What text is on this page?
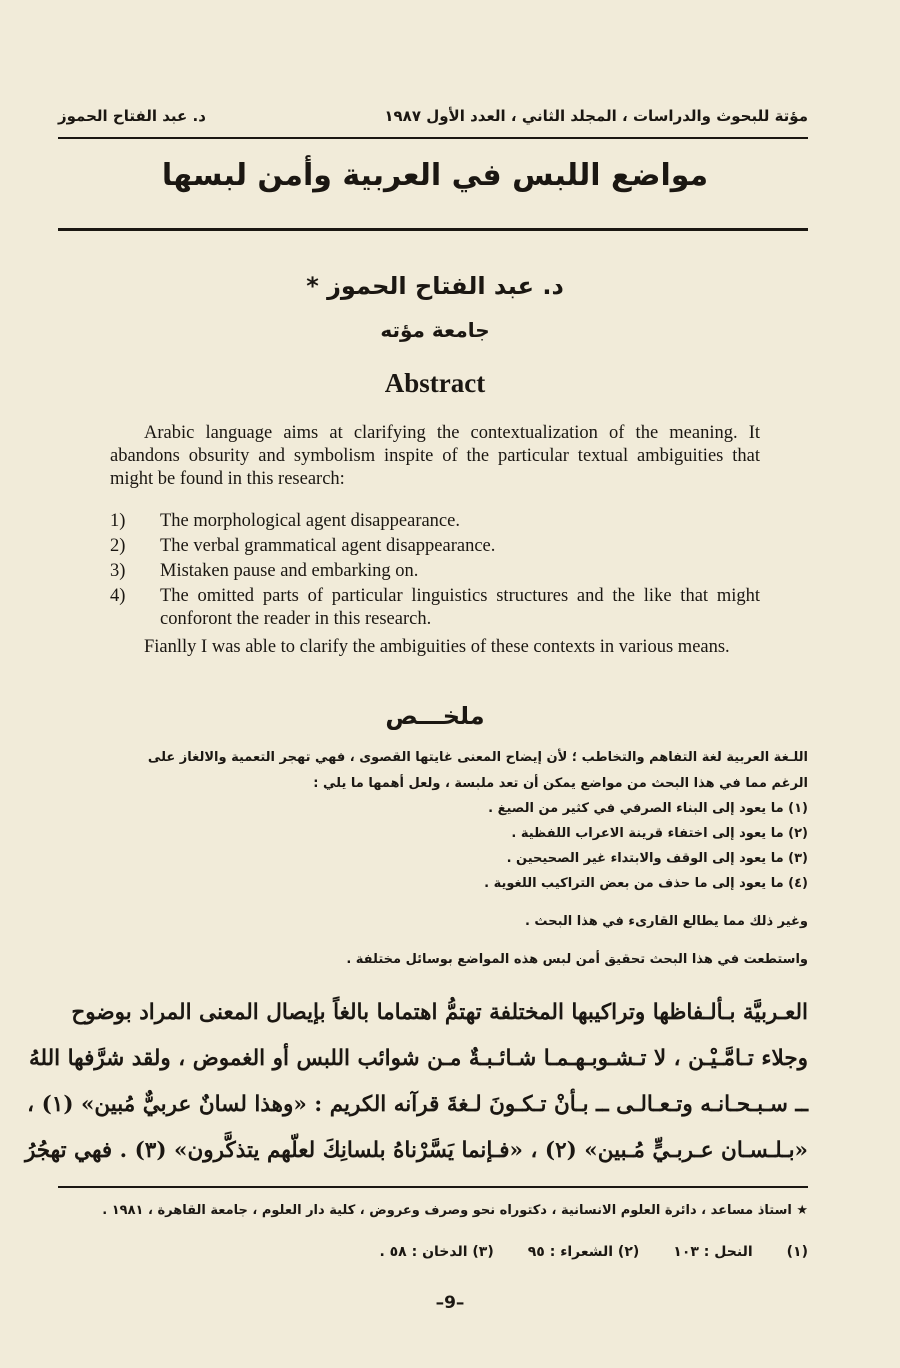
مؤتة للبحوث والدراسات ، المجلد الثاني ، العدد الأول ١٩٨٧
د. عبد الفتاح الحموز
مواضع اللبس في العربية وأمن لبسها
د. عبد الفتاح الحموز *
جامعة مؤته
Abstract
Arabic language aims at clarifying the contextualization of the meaning. It abandons obsurity and symbolism inspite of the particular textual ambiguities that might be found in this research:
1)	The morphological agent disappearance.
2)	The verbal grammatical agent disappearance.
3)	Mistaken pause and embarking on.
4)	The omitted parts of particular linguistics structures and the like that might conforont the reader in this research.
Fianlly I was able to clarify the ambiguities of these contexts in various means.
ملخـــص
اللـغة العربية لغة التفاهم والتخاطب ؛ لأن إيضاح المعنى غايتها القصوى ، فهي تهجر التعمية والالغاز على
الرغم مما في هذا البحث من مواضع يمكن أن تعد ملبسة ، ولعل أهمها ما يلي :
(١) ما يعود إلى البناء الصرفي في كثير من الصيغ .
(٢) ما يعود إلى اختفاء قرينة الاعراب اللفظية .
(٣) ما يعود إلى الوقف والابتداء غير الصحيحين .
(٤) ما يعود إلى ما حذف من بعض التراكيب اللغوية .
وغير ذلك مما يطالع القارىء في هذا البحث .
واستطعت في هذا البحث تحقيق أمن لبس هذه المواضع بوسائل مختلفة .
العـربيَّة بـألـفاظها وتراكيبها المختلفة تهتمُّ اهتماما بالغاً بإيصال المعنى المراد بوضوح
وجلاء تـامَّـيْـن ، لا تـشـوبـهـمـا شـائـبـةٌ مـن شوائب اللبس أو الغموض ، ولقد شرَّفها اللهُ
ــ سـبـحـانـه وتـعـالـى ــ بـأنْ تـكـونَ لـغةَ قرآنه الكريم : «وهذا لسانٌ عربيٌّ مُبين» (١) ،
«بـلـسـان عـربـيٍّ مُـبين» (٢) ، «فـإنما يَسَّرْناهُ بلسانِكَ لعلّهم يتذكَّرون» (٣) . فهي تهجُرُ
★ استاذ مساعد ، دائرة العلوم الانسانية ، دكتوراه نحو وصرف وعروض ، كلية دار العلوم ، جامعة القاهرة ، ١٩٨١ .
(١)
النحل : ١٠٣
(٢) الشعراء : ٩٥
(٣) الدخان : ٥٨ .
–9–
